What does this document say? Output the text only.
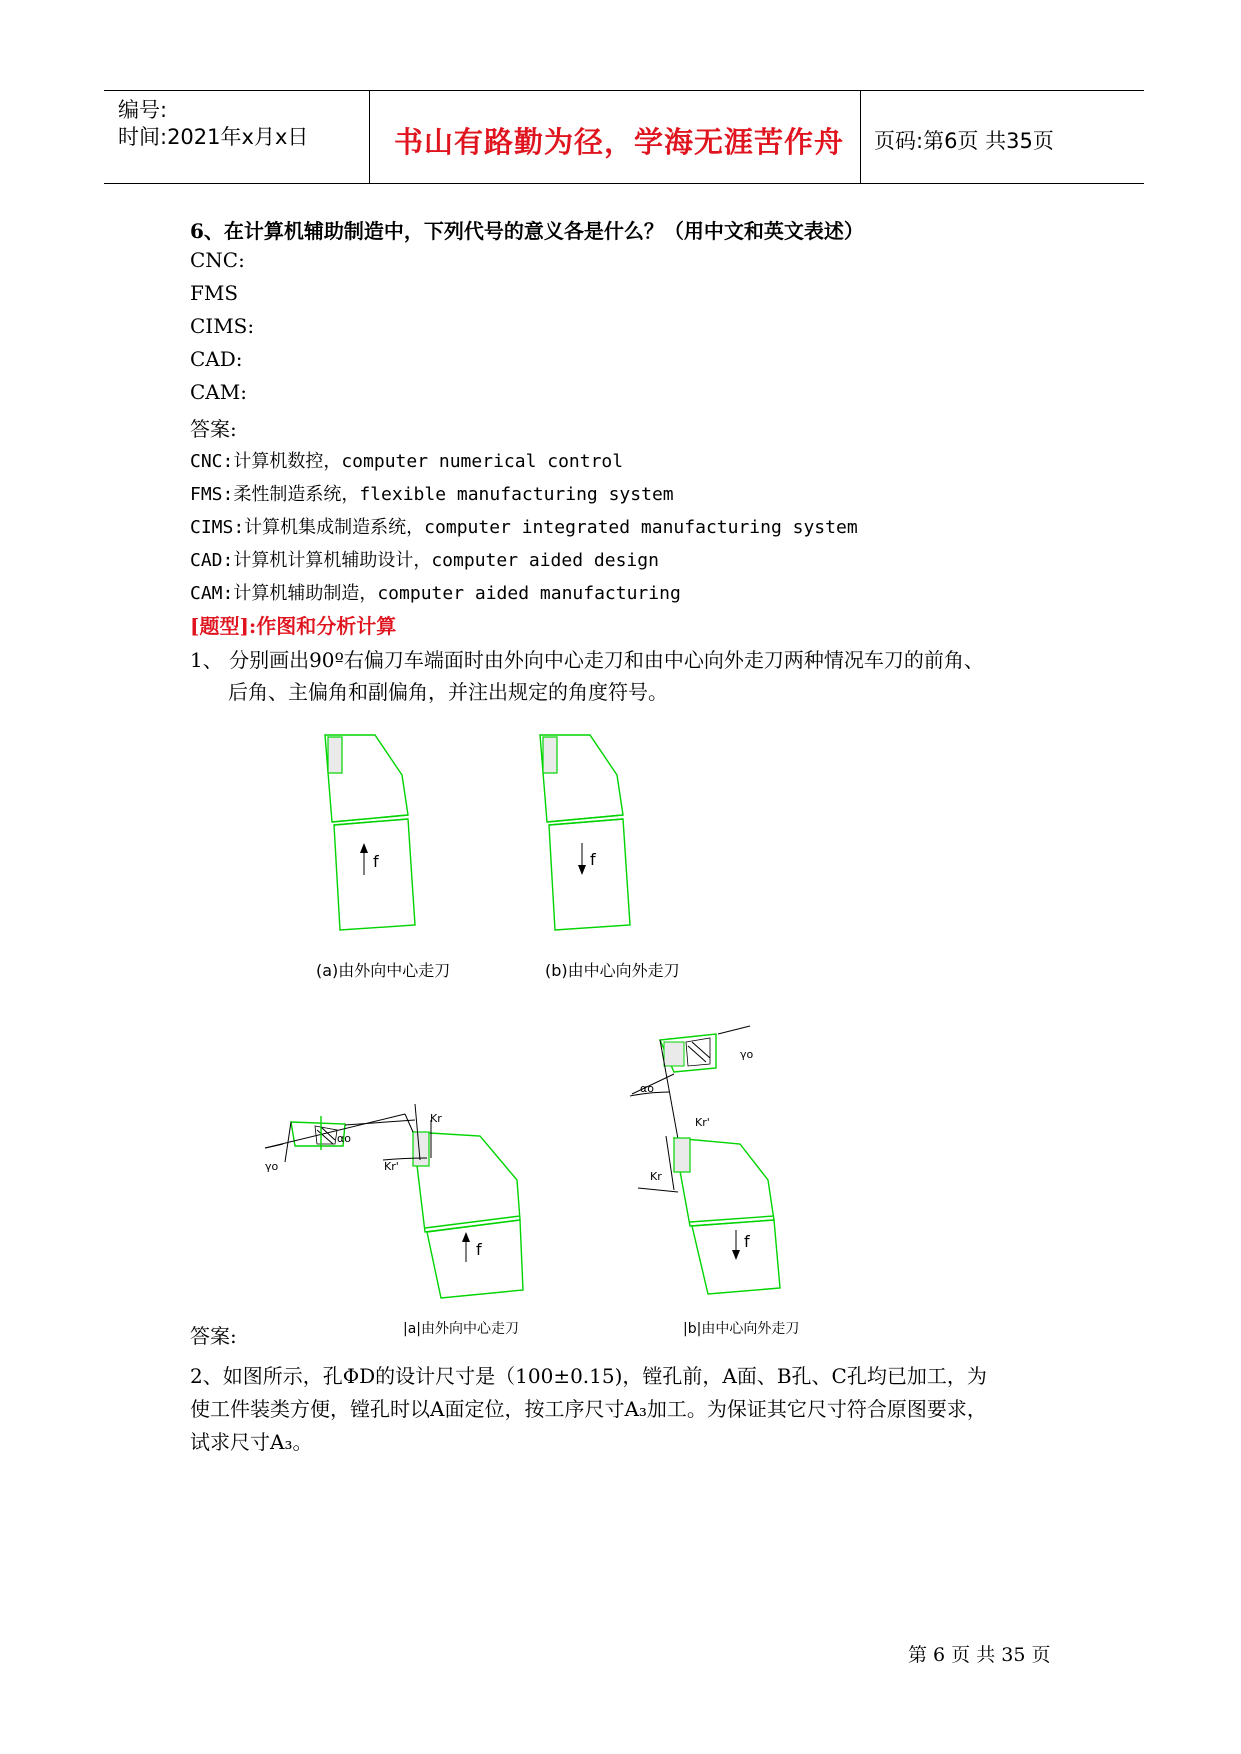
编号:
时间:2021年x月x日	书山有路勤为径，学海无涯苦作舟 页码:第6页 共35页
6、在计算机辅助制造中，下列代号的意义各是什么？（用中文和英文表述）
CNC:
FMS
CIMS:
CAD:
CAM:
答案:
CNC:计算机数控，computer numerical control
FMS:柔性制造系统，flexible manufacturing system
CIMS:计算机集成制造系统，computer integrated manufacturing system
CAD:计算机计算机辅助设计，computer aided design
CAM:计算机辅助制造，computer aided manufacturing
[题型]:作图和分析计算
1、 分别画出90º右偏刀车端面时由外向中心走刀和由中心向外走刀两种情况车刀的前角、
后角、主偏角和副偏角，并注出规定的角度符号。
f	f
(a)由外向中心走刀	(b)由中心向外走刀
f
γo
αo
Kr'
Kr
f
αo
γo
Kr'
Kr
答案:	|a|由外向中心走刀	|b|由中心向外走刀
2、如图所示，孔ΦD的设计尺寸是（100±0.15)，镗孔前，A面、B孔、C孔均已加工，为
使工件装类方便，镗孔时以A面定位，按工序尺寸A₃加工。为保证其它尺寸符合原图要求，
试求尺寸A₃。
第 6 页 共 35 页
